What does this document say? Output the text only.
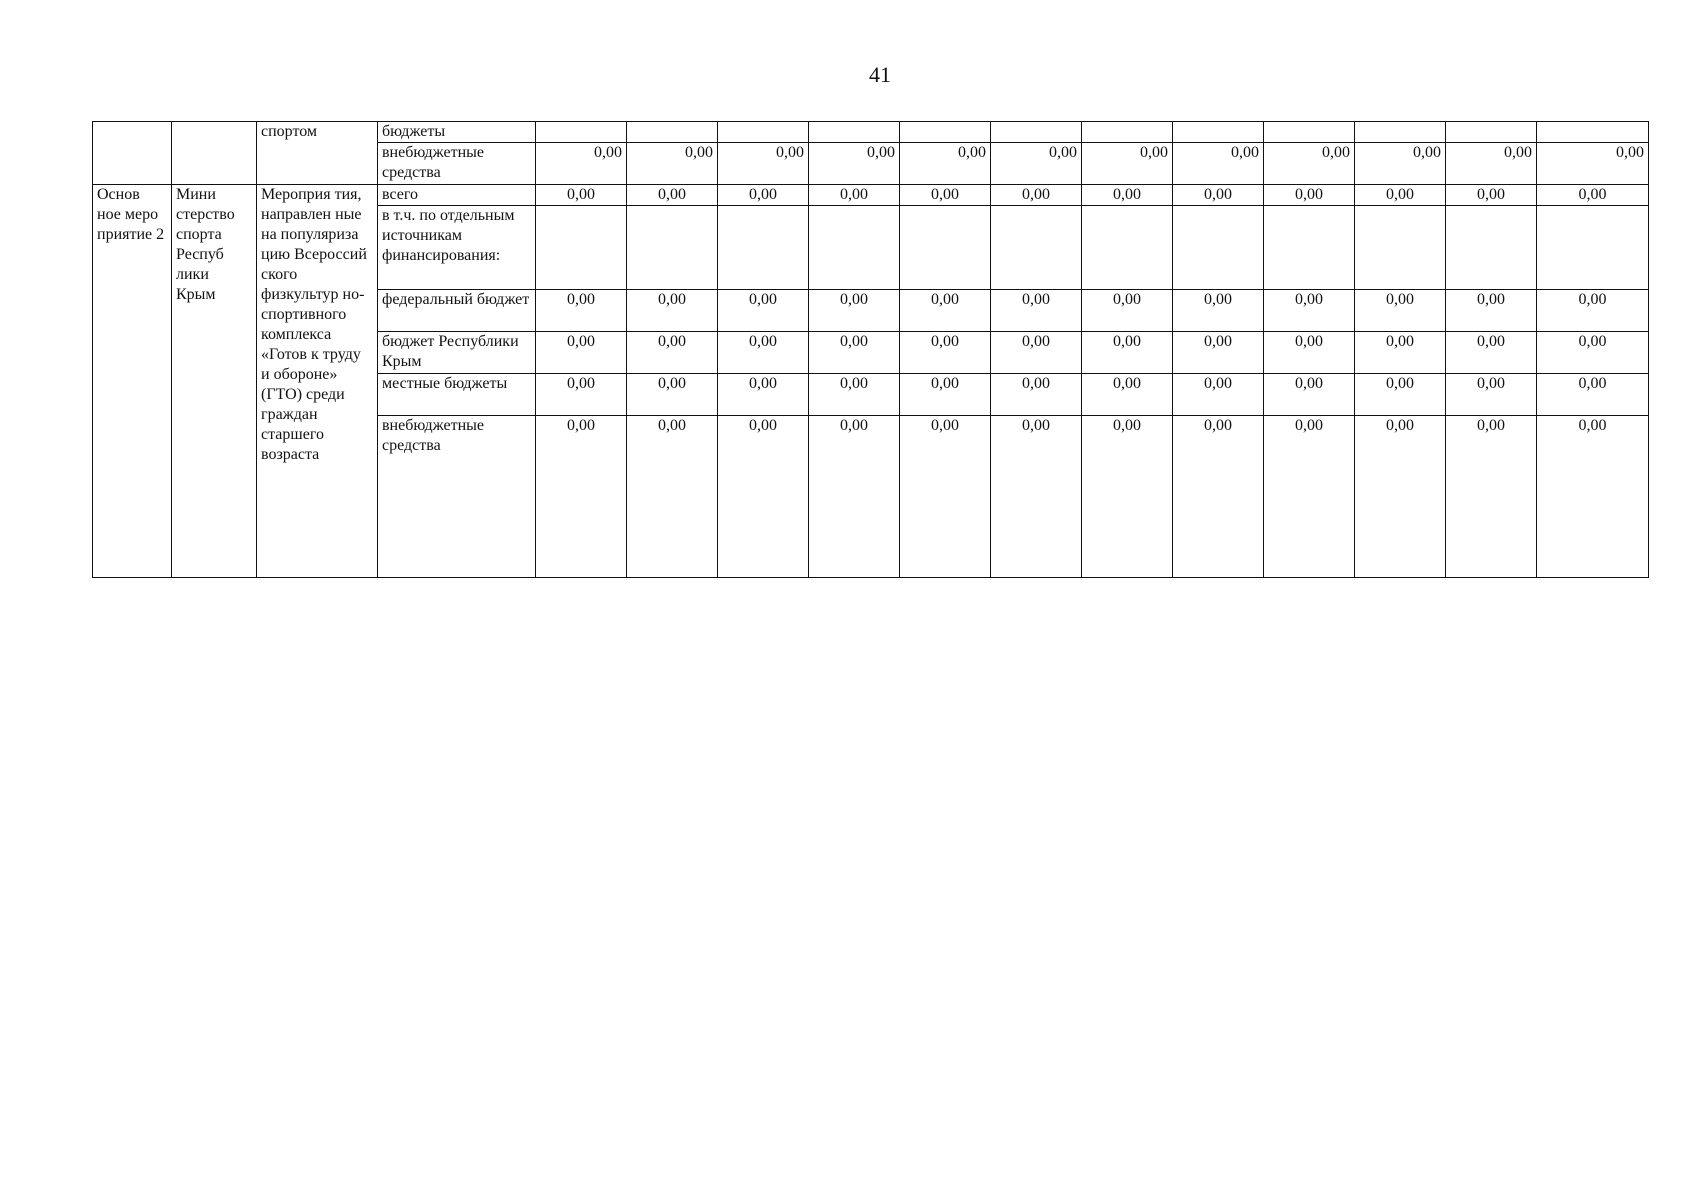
41
		спортом	бюджеты												
			внебюджетные средства	0,00	0,00	0,00	0,00	0,00	0,00	0,00	0,00	0,00	0,00	0,00	0,00
Основ ное меро приятие 2	Мини стерство спорта Респуб лики Крым	Мероприя тия, направлен ные на популяриза цию Всероссий ского физкультур но- спортивного комплекса «Готов к труду и обороне» (ГТО) среди граждан старшего возраста	всего	0,00	0,00	0,00	0,00	0,00	0,00	0,00	0,00	0,00	0,00	0,00	0,00
			в т.ч. по отдельным источникам финансирования:												
			федеральный бюджет	0,00	0,00	0,00	0,00	0,00	0,00	0,00	0,00	0,00	0,00	0,00	0,00
			бюджет Республики Крым	0,00	0,00	0,00	0,00	0,00	0,00	0,00	0,00	0,00	0,00	0,00	0,00
			местные бюджеты	0,00	0,00	0,00	0,00	0,00	0,00	0,00	0,00	0,00	0,00	0,00	0,00
			внебюджетные средства	0,00	0,00	0,00	0,00	0,00	0,00	0,00	0,00	0,00	0,00	0,00	0,00
